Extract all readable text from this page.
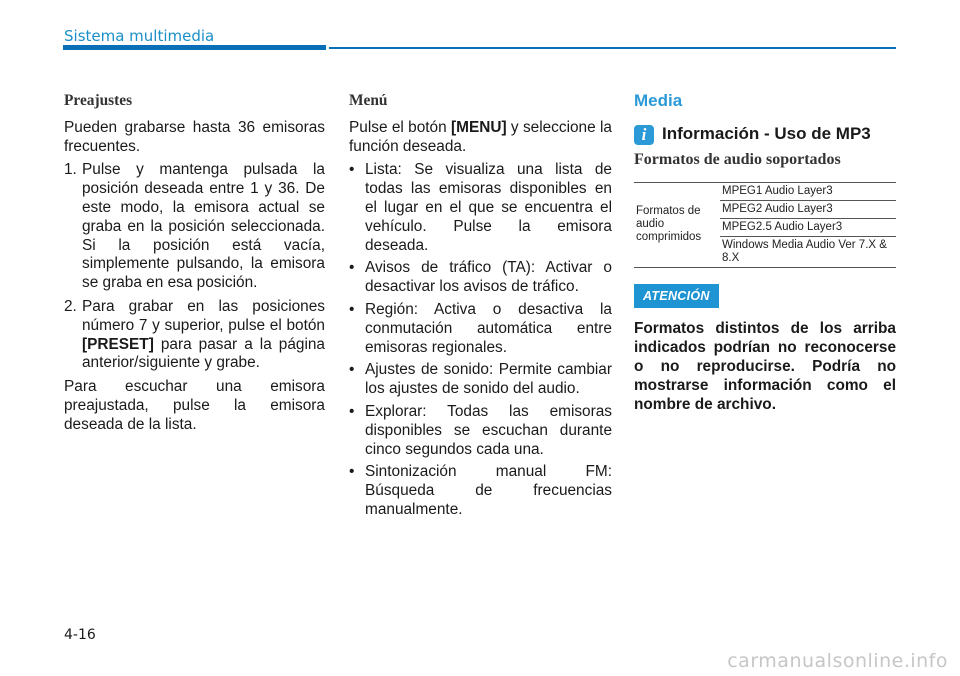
Sistema multimedia
Preajustes

Pueden grabarse hasta 36 emisoras frecuentes.

1. Pulse y mantenga pulsada la posición deseada entre 1 y 36. De este modo, la emisora actual se graba en la posición seleccionada. Si la posición está vacía, simplemente pulsando, la emisora se graba en esa posición.
2. Para grabar en las posiciones número 7 y superior, pulse el botón [PRESET] para pasar a la página anterior/siguiente y grabe.

Para escuchar una emisora preajustada, pulse la emisora deseada de la lista.

Menú

Pulse el botón [MENU] y seleccione la función deseada.

• Lista: Se visualiza una lista de todas las emisoras disponibles en el lugar en el que se encuentra el vehículo. Pulse la emisora deseada.
• Avisos de tráfico (TA): Activar o desactivar los avisos de tráfico.
• Región: Activa o desactiva la conmutación automática entre emisoras regionales.
• Ajustes de sonido: Permite cambiar los ajustes de sonido del audio.
• Explorar: Todas las emisoras disponibles se escuchan durante cinco segundos cada una.
• Sintonización manual FM: Búsqueda de frecuencias manualmente.
Media
i Información - Uso de MP3
Formatos de audio soportados
Formatos de audio comprimidos	MPEG1 Audio Layer3
MPEG2 Audio Layer3
MPEG2.5 Audio Layer3
Windows Media Audio Ver 7.X & 8.X
ATENCIÓN
Formatos distintos de los arriba indicados podrían no reconocerse o no reproducirse. Podría no mostrarse información como el nombre de archivo.
4-16
carmanualsonline.info
